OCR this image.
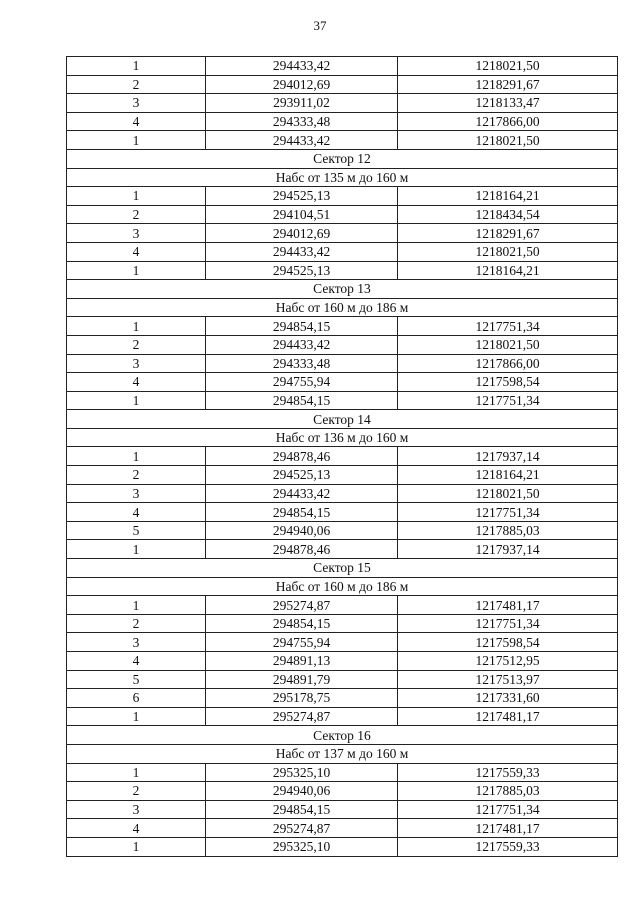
37
1	294433,42	1218021,50
2	294012,69	1218291,67
3	293911,02	1218133,47
4	294333,48	1217866,00
1	294433,42	1218021,50
Сектор 12		
Набс от 135 м до 160 м		
1	294525,13	1218164,21
2	294104,51	1218434,54
3	294012,69	1218291,67
4	294433,42	1218021,50
1	294525,13	1218164,21
Сектор 13		
Набс от 160 м до 186 м		
1	294854,15	1217751,34
2	294433,42	1218021,50
3	294333,48	1217866,00
4	294755,94	1217598,54
1	294854,15	1217751,34
Сектор 14		
Набс от 136 м до 160 м		
1	294878,46	1217937,14
2	294525,13	1218164,21
3	294433,42	1218021,50
4	294854,15	1217751,34
5	294940,06	1217885,03
1	294878,46	1217937,14
Сектор 15		
Набс от 160 м до 186 м		
1	295274,87	1217481,17
2	294854,15	1217751,34
3	294755,94	1217598,54
4	294891,13	1217512,95
5	294891,79	1217513,97
6	295178,75	1217331,60
1	295274,87	1217481,17
Сектор 16		
Набс от 137 м до 160 м		
1	295325,10	1217559,33
2	294940,06	1217885,03
3	294854,15	1217751,34
4	295274,87	1217481,17
1	295325,10	1217559,33
